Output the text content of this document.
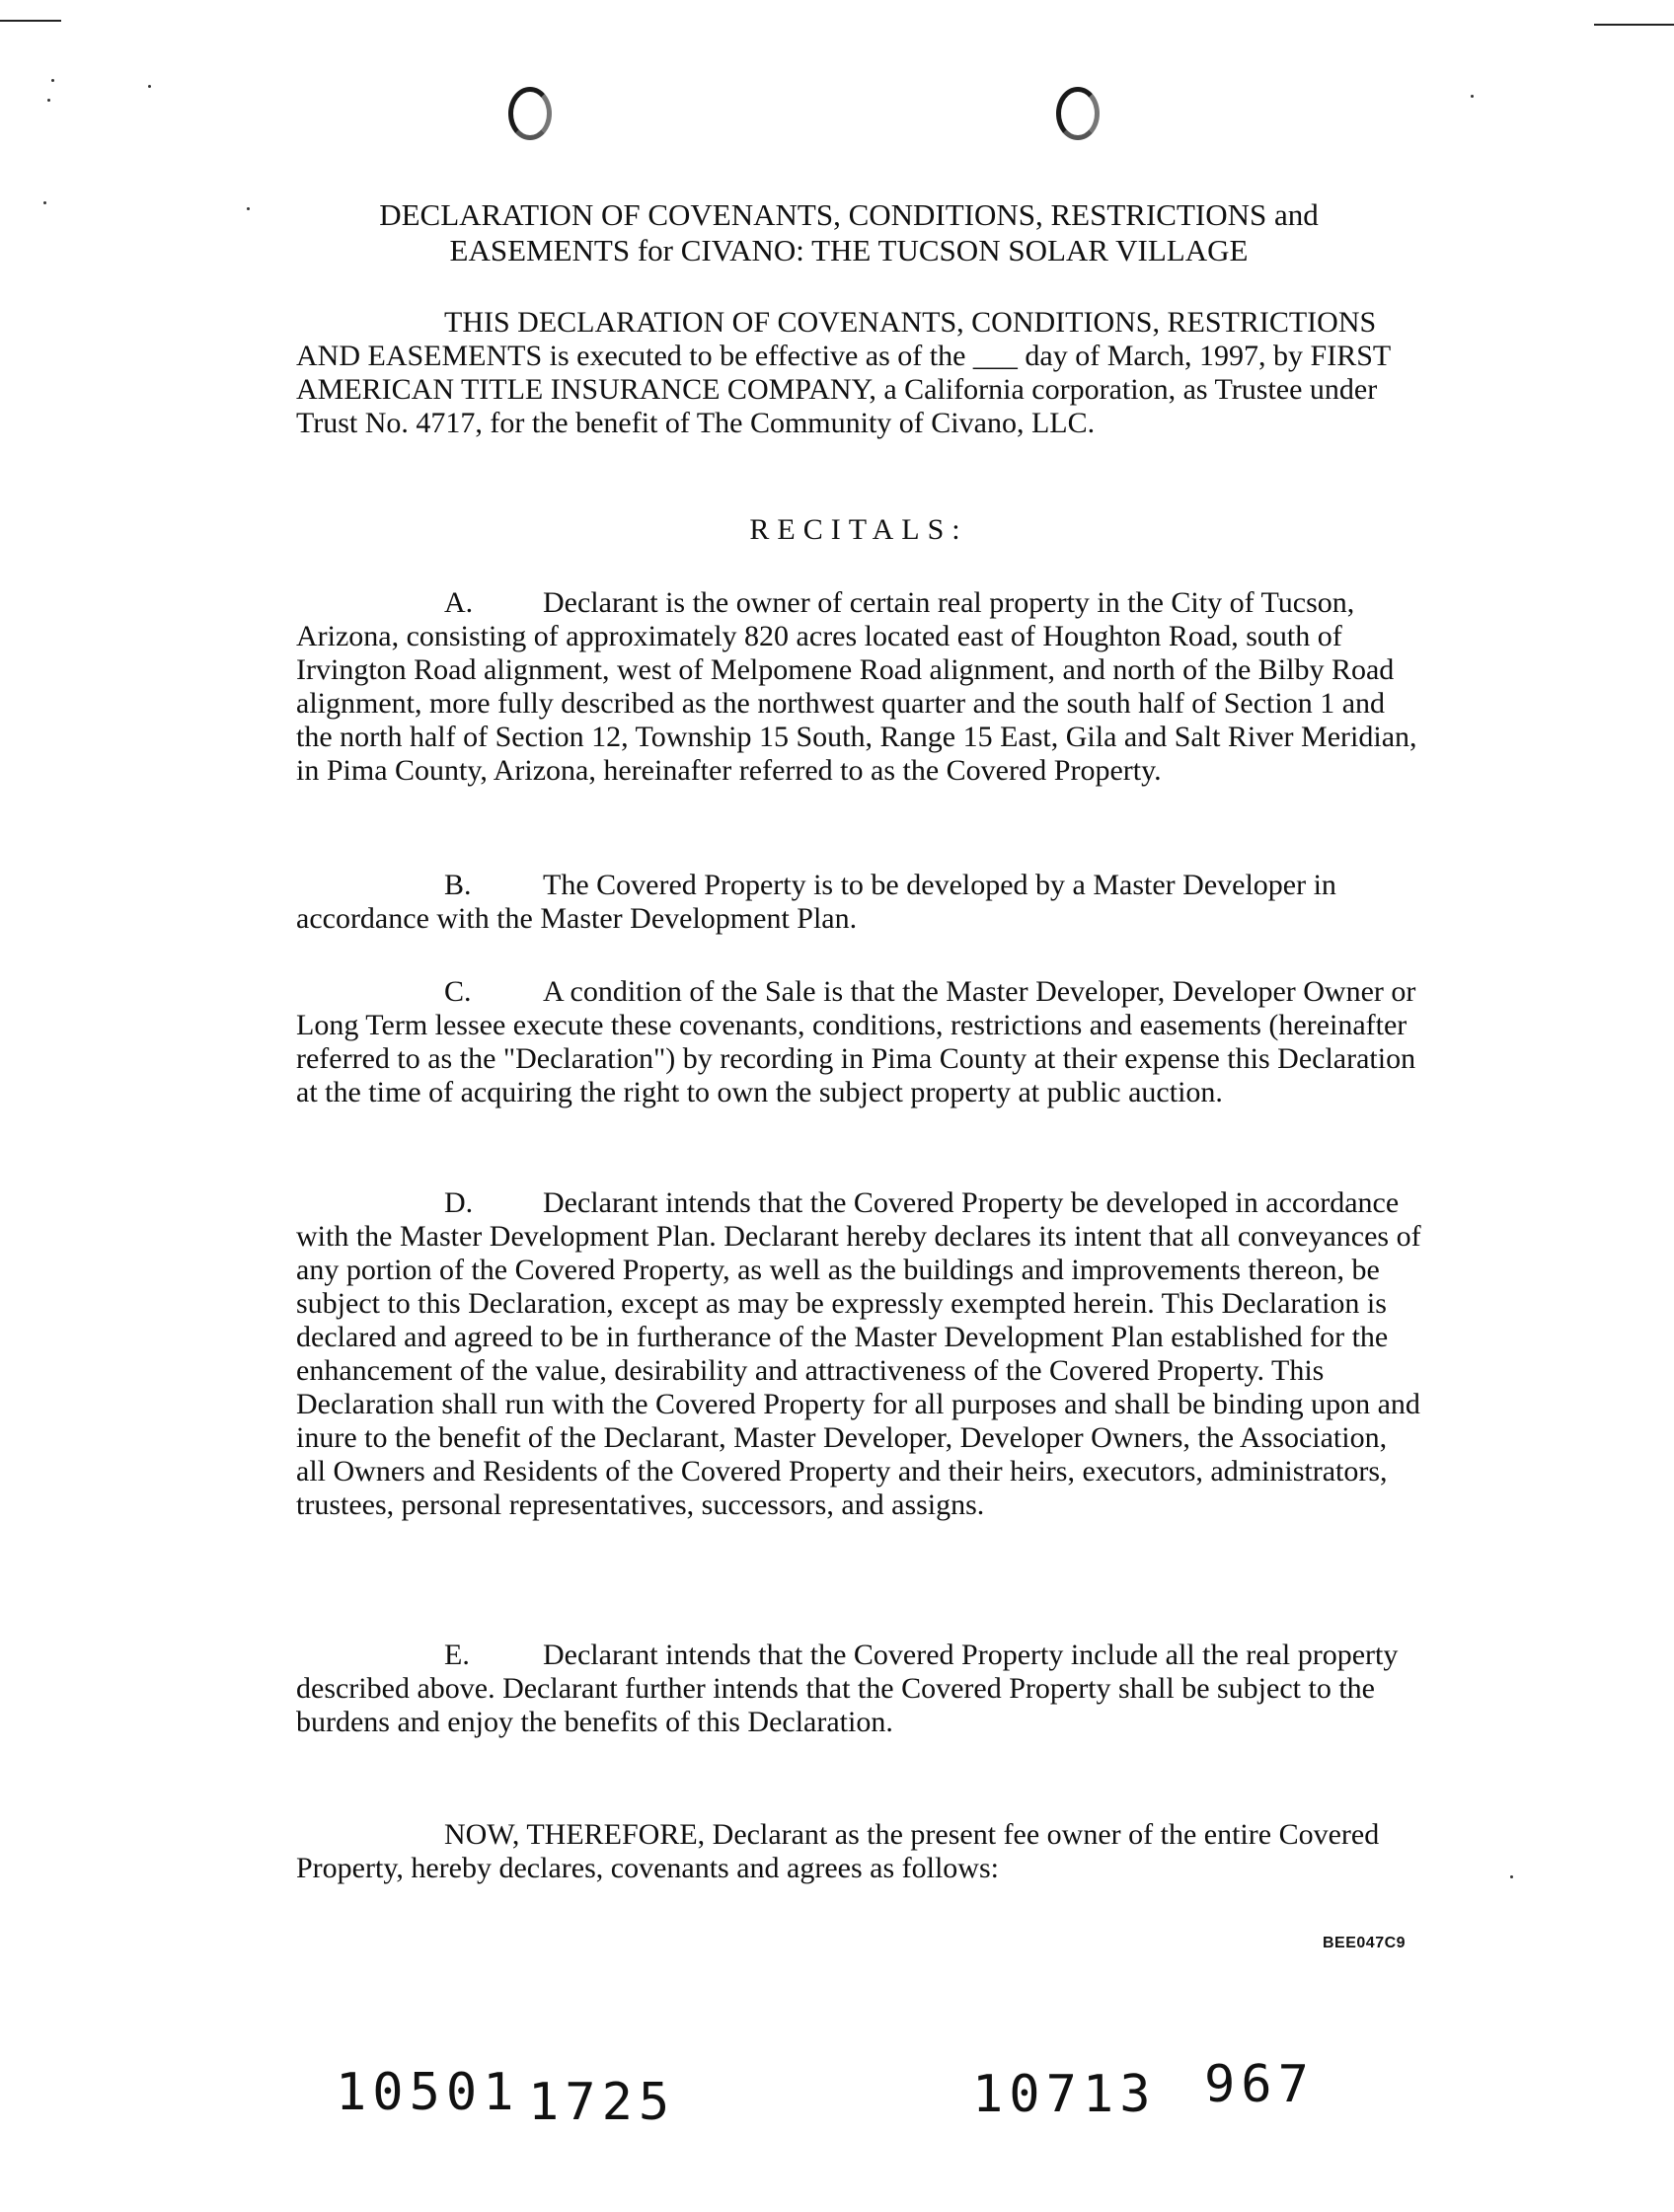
DECLARATION OF COVENANTS, CONDITIONS, RESTRICTIONS and
EASEMENTS for CIVANO: THE TUCSON SOLAR VILLAGE
THIS DECLARATION OF COVENANTS, CONDITIONS, RESTRICTIONS AND EASEMENTS is executed to be effective as of the ___ day of March, 1997, by FIRST AMERICAN TITLE INSURANCE COMPANY, a California corporation, as Trustee under Trust No. 4717, for the benefit of The Community of Civano, LLC.
RECITALS:
A. Declarant is the owner of certain real property in the City of Tucson, Arizona, consisting of approximately 820 acres located east of Houghton Road, south of Irvington Road alignment, west of Melpomene Road alignment, and north of the Bilby Road alignment, more fully described as the northwest quarter and the south half of Section 1 and the north half of Section 12, Township 15 South, Range 15 East, Gila and Salt River Meridian, in Pima County, Arizona, hereinafter referred to as the Covered Property.
B. The Covered Property is to be developed by a Master Developer in accordance with the Master Development Plan.
C. A condition of the Sale is that the Master Developer, Developer Owner or Long Term lessee execute these covenants, conditions, restrictions and easements (hereinafter referred to as the "Declaration") by recording in Pima County at their expense this Declaration at the time of acquiring the right to own the subject property at public auction.
D. Declarant intends that the Covered Property be developed in accordance with the Master Development Plan. Declarant hereby declares its intent that all conveyances of any portion of the Covered Property, as well as the buildings and improvements thereon, be subject to this Declaration, except as may be expressly exempted herein. This Declaration is declared and agreed to be in furtherance of the Master Development Plan established for the enhancement of the value, desirability and attractiveness of the Covered Property. This Declaration shall run with the Covered Property for all purposes and shall be binding upon and inure to the benefit of the Declarant, Master Developer, Developer Owners, the Association, all Owners and Residents of the Covered Property and their heirs, executors, administrators, trustees, personal representatives, successors, and assigns.
E. Declarant intends that the Covered Property include all the real property described above. Declarant further intends that the Covered Property shall be subject to the burdens and enjoy the benefits of this Declaration.
NOW, THEREFORE, Declarant as the present fee owner of the entire Covered Property, hereby declares, covenants and agrees as follows:
BEE047C9
10501 1725	10713 967
